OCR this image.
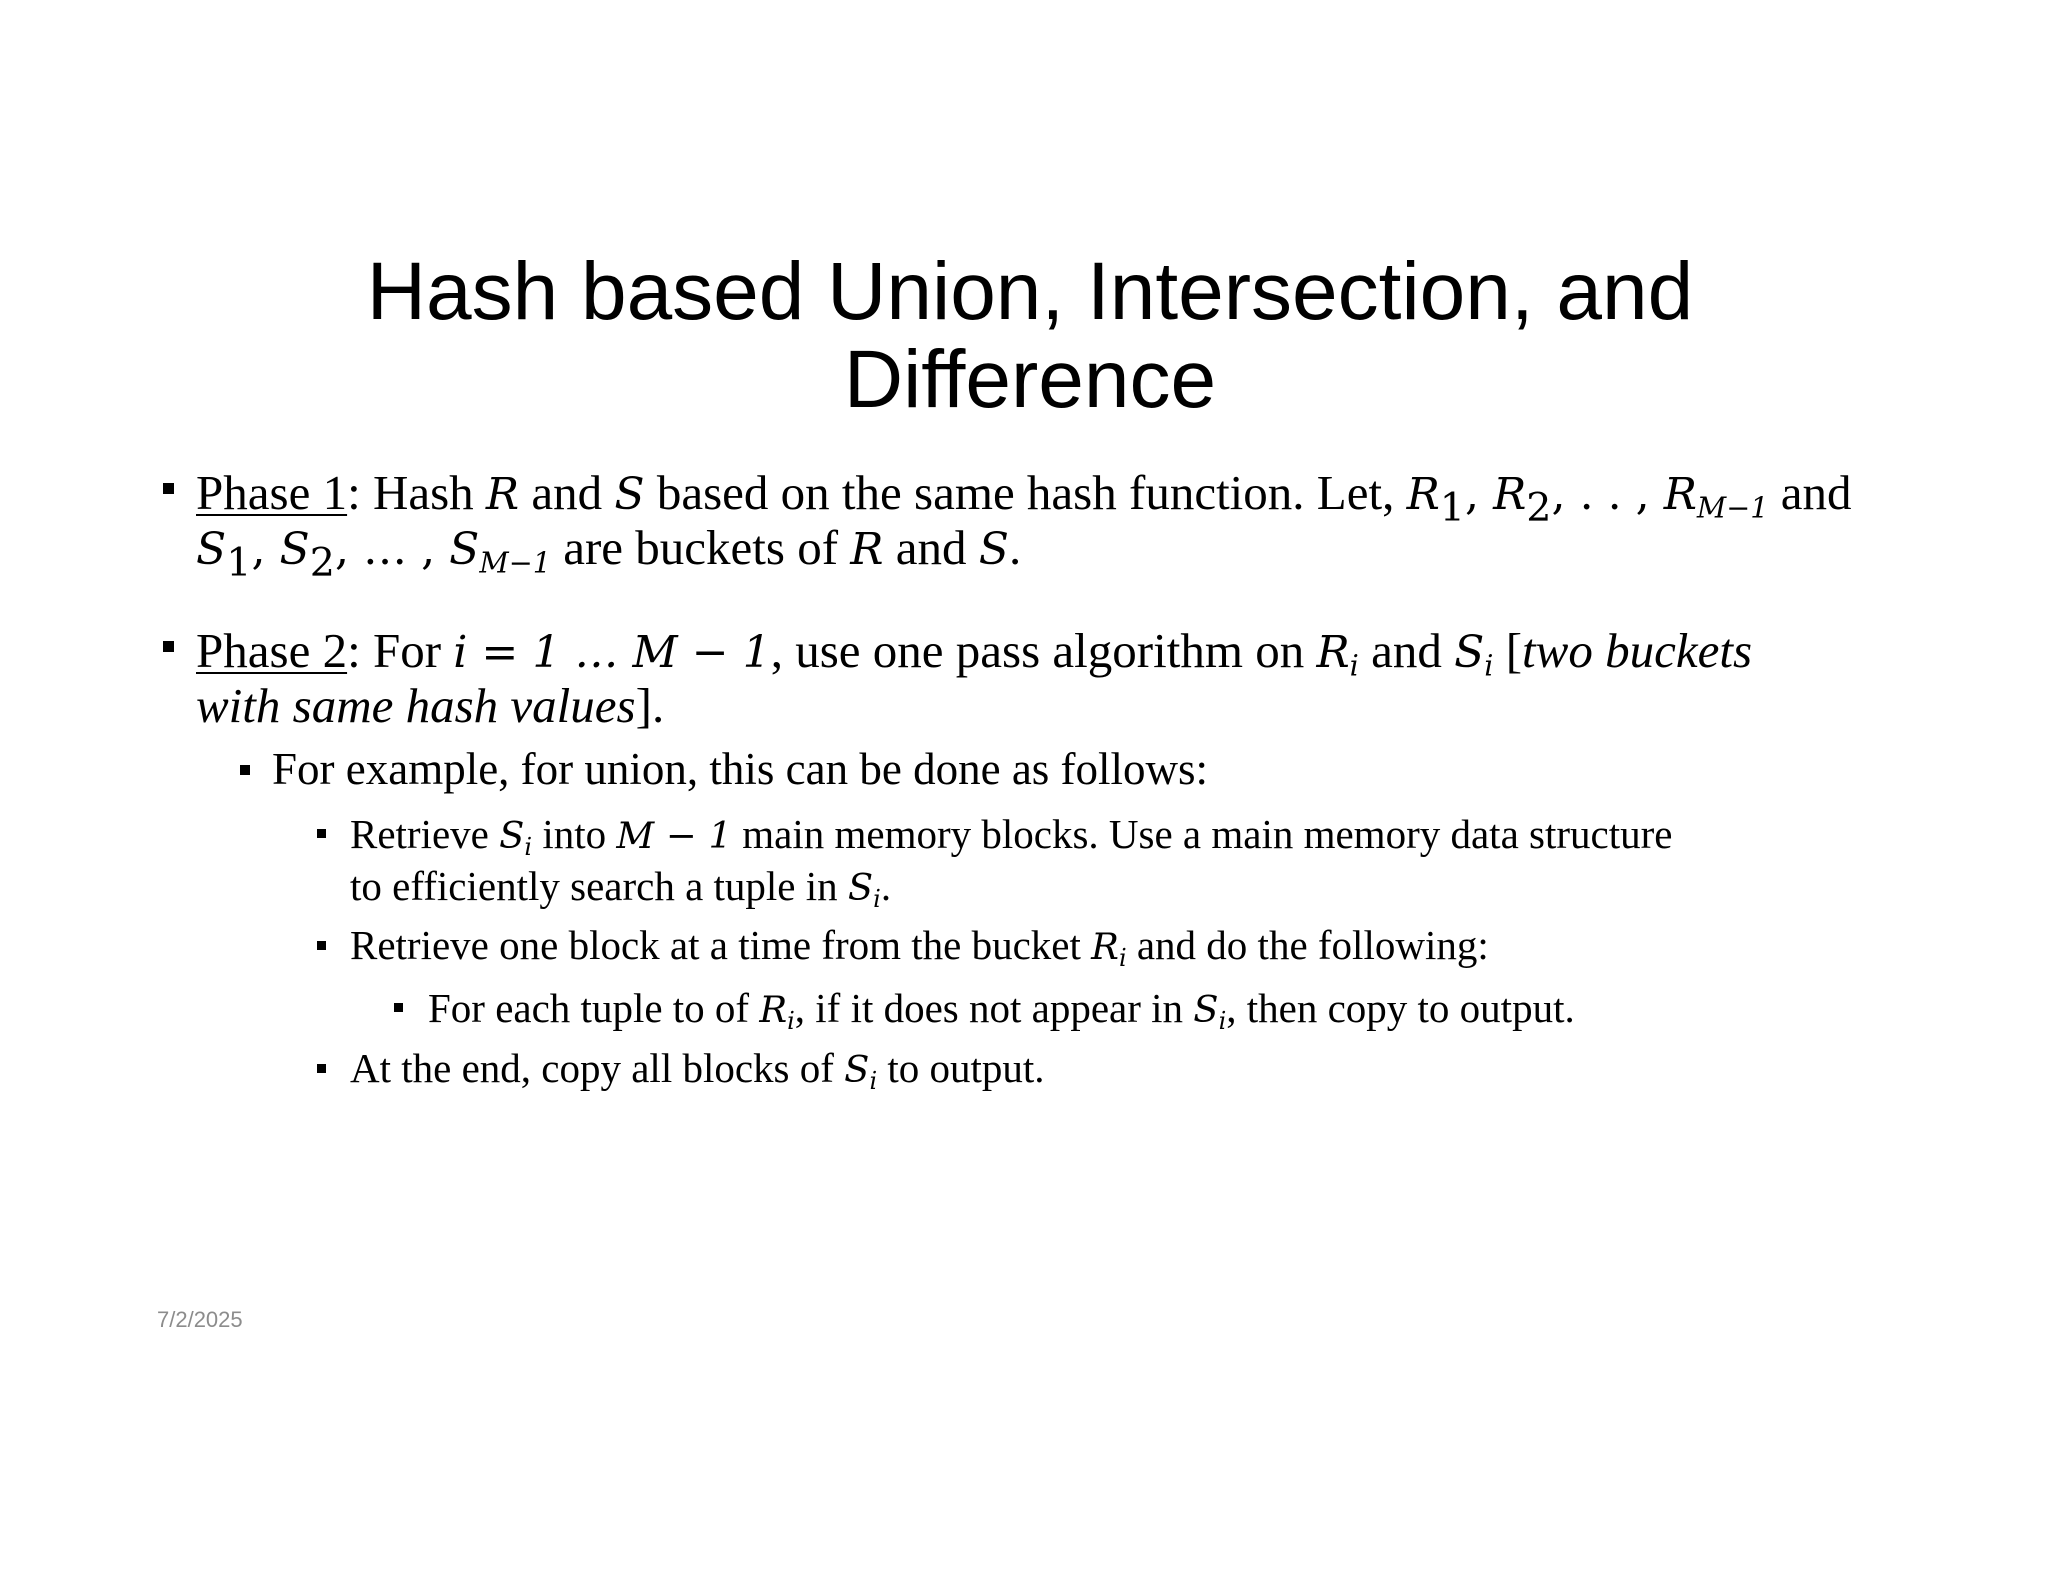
Hash based Union, Intersection, and
Difference
Phase 1: Hash R and S based on the same hash function. Let, $R_1$, $R_2$, . . , $R_{M-1}$ and
$S_1$, $S_2$, … , $S_{M-1}$ are buckets of R and S.
Phase 2: For i = 1 … M − 1, use one pass algorithm on $R_i$ and $S_i$ [two buckets
with same hash values].
For example, for union, this can be done as follows:
Retrieve $S_i$ into M − 1 main memory blocks. Use a main memory data structure
to efficiently search a tuple in $S_i$.
Retrieve one block at a time from the bucket $R_i$ and do the following:
For each tuple to of $R_i$, if it does not appear in $S_i$, then copy to output.
At the end, copy all blocks of $S_i$ to output.
7/2/2025
